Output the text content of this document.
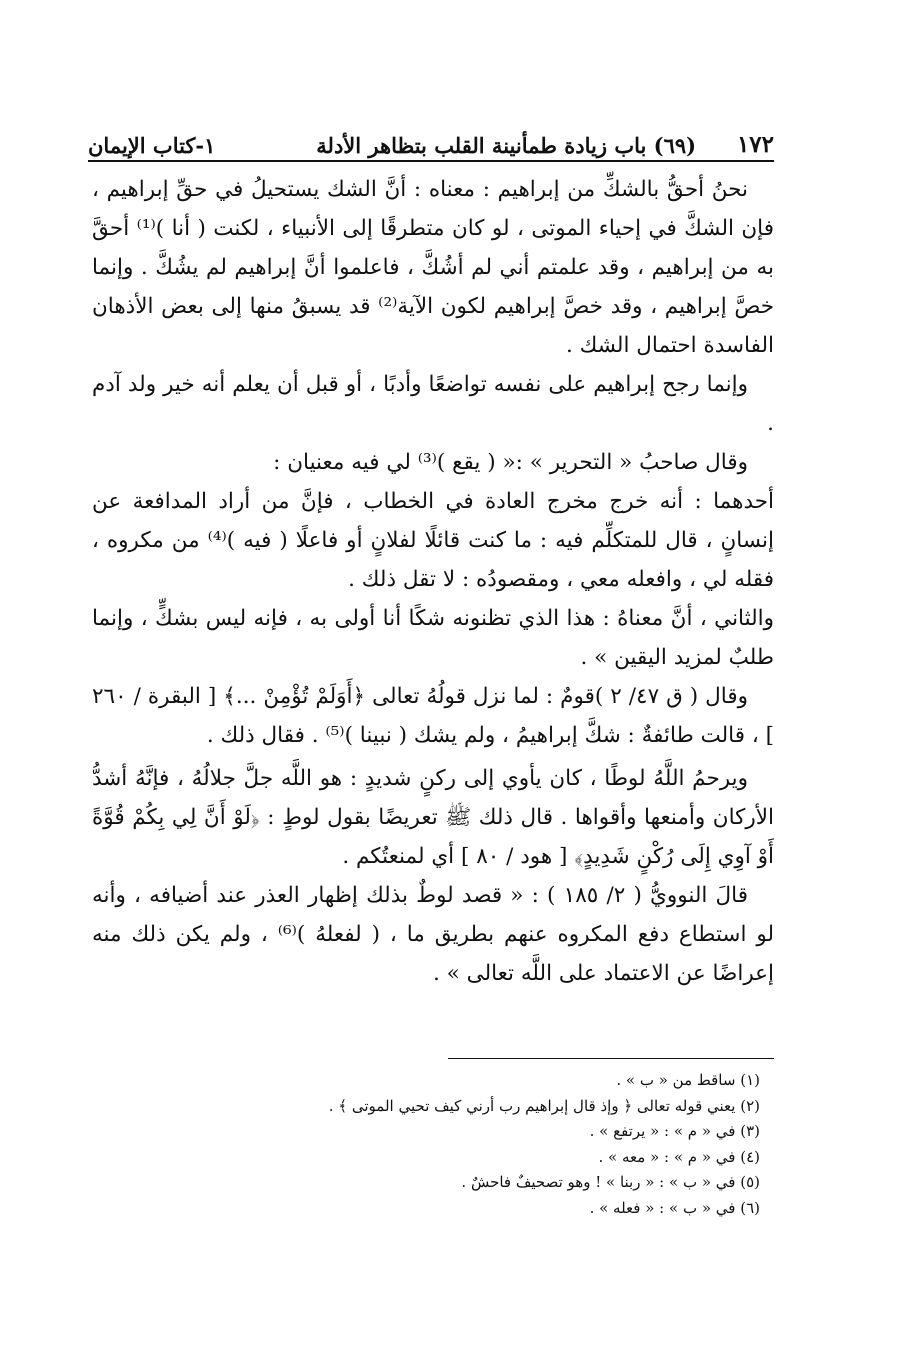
١٧٢
(٦٩) باب زيادة طمأنينة القلب بتظاهر الأدلة
١-كتاب الإيمان

نحنُ أحقُّ بالشكِّ من إبراهيم : معناه : أنَّ الشك يستحيلُ في حقِّ إبراهيم ، فإن الشكَّ في إحياء الموتى ، لو كان متطرقًا إلى الأنبياء ، لكنت ( أنا )⁽¹⁾ أحقَّ به من إبراهيم ، وقد علمتم أني لم أشُكَّ ، فاعلموا أنَّ إبراهيم لم يشُكَّ . وإنما خصَّ إبراهيم ، وقد خصَّ إبراهيم لكون الآية⁽²⁾ قد يسبقُ منها إلى بعض الأذهان الفاسدة احتمال الشك .

وإنما رجح إبراهيم على نفسه تواضعًا وأدبًا ، أو قبل أن يعلم أنه خير ولد آدم .

وقال صاحبُ « التحرير » :« ( يقع )⁽³⁾ لي فيه معنيان :

أحدهما : أنه خرج مخرج العادة في الخطاب ، فإنَّ من أراد المدافعة عن إنسانٍ ، قال للمتكلِّم فيه : ما كنت قائلًا لفلانٍ أو فاعلًا ( فيه )⁽⁴⁾ من مكروه ، فقله لي ، وافعله معي ، ومقصودُه : لا تقل ذلك .

والثاني ، أنَّ معناهُ : هذا الذي تظنونه شكًا أنا أولى به ، فإنه ليس بشكٍّ ، وإنما طلبٌ لمزيد اليقين » .

وقال ( ق ٤٧/ ٢ )قومٌ : لما نزل قولُهُ تعالى ﴿أَوَلَمْ تُؤْمِنْ ...﴾ [ البقرة / ٢٦٠ ] ، قالت طائفةٌ : شكَّ إبراهيمُ ، ولم يشك ( نبينا )⁽⁵⁾ . فقال ذلك .

ويرحمُ اللَّهُ لوطًا ، كان يأوي إلى ركنٍ شديدٍ : هو اللَّه جلَّ جلالُهُ ، فإنَّهُ أشدُّ الأركان وأمنعها وأقواها . قال ذلك ﷺ تعريضًا بقول لوطٍ : ﴿لَوْ أَنَّ لِي بِكُمْ قُوَّةً أَوْ آوِي إِلَى رُكْنٍ شَدِيدٍ﴾ [ هود / ٨٠ ] أي لمنعتُكم .

قالَ النوويُّ ( ٢/ ١٨٥ ) : « قصد لوطٌ بذلك إظهار العذر عند أضيافه ، وأنه لو استطاع دفع المكروه عنهم بطريق ما ، ( لفعلهُ )⁽⁶⁾ ، ولم يكن ذلك منه إعراضًا عن الاعتماد على اللَّه تعالى » .

(١) ساقط من « ب » .
(٢) يعني قوله تعالى ﴿ وإذ قال إبراهيم رب أرني كيف تحيي الموتى ﴾ .
(٣) في « م » : « يرتفع » .
(٤) في « م » : « معه » .
(٥) في « ب » : « ربنا » ! وهو تصحيفٌ فاحشٌ .
(٦) في « ب » : « فعله » .
